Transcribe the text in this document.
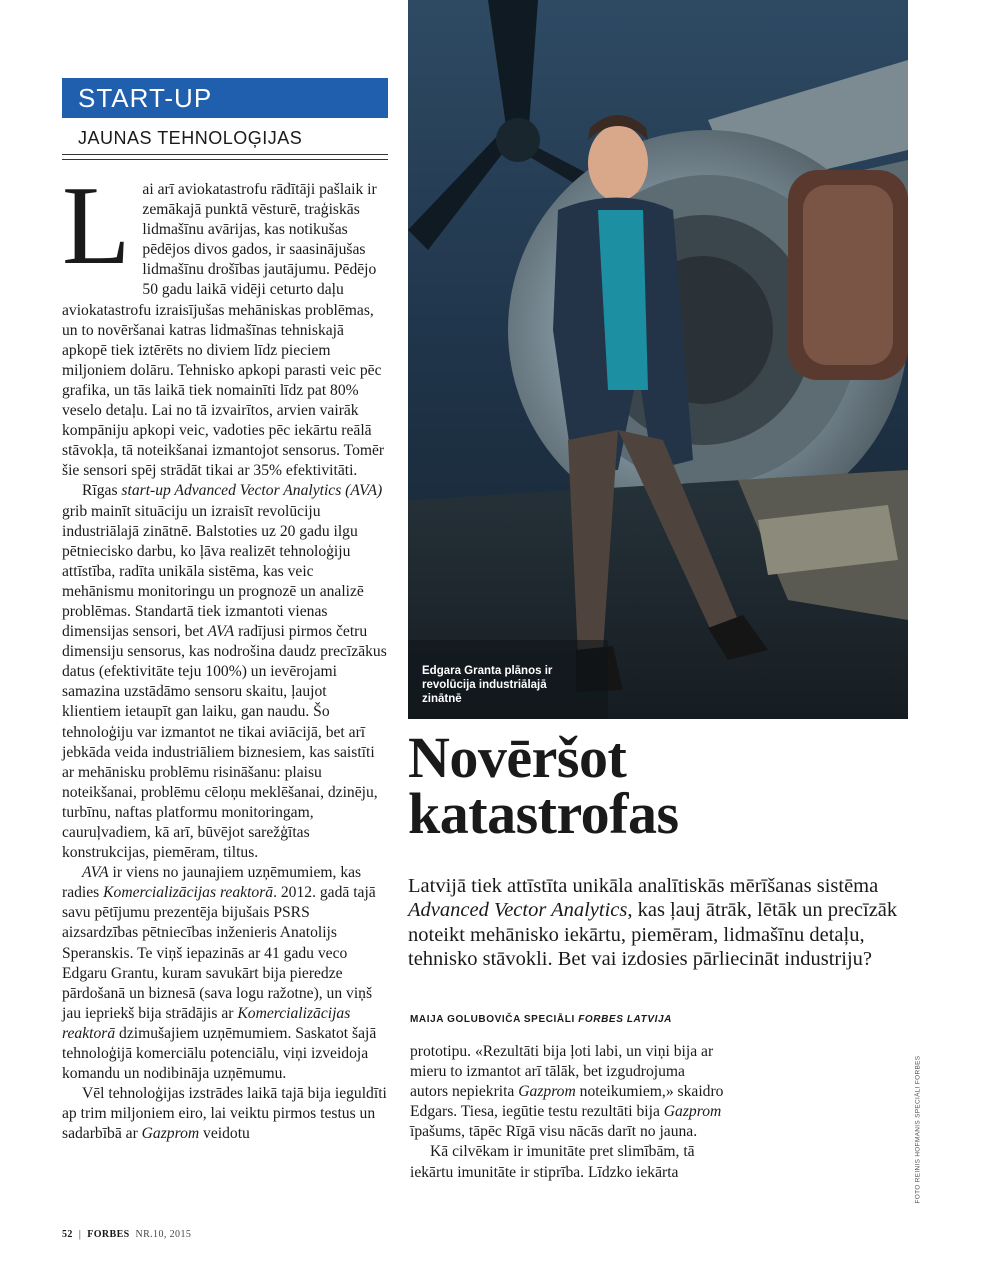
START-UP
JAUNAS TEHNOLOĢIJAS
L ai arī aviokatastrofu rādītāji pašlaik ir zemākajā punktā vēsturē, traģiskās lidmašīnu avārijas, kas notikušas pēdējos divos gados, ir saasinājušas lidmašīnu drošības jautājumu. Pēdējo 50 gadu laikā vidēji ceturto daļu aviokatastrofu izraisījušas mehāniskas problēmas, un to novēršanai katras lidmašīnas tehniskajā apkopē tiek iztērēts no diviem līdz pieciem miljoniem dolāru. Tehnisko apkopi parasti veic pēc grafika, un tās laikā tiek nomainīti līdz pat 80% veselo detaļu. Lai no tā izvairītos, arvien vairāk kompāniju apkopi veic, vadoties pēc iekārtu reālā stāvokļa, tā noteikšanai izmantojot sensorus. Tomēr šie sensori spēj strādāt tikai ar 35% efektivitāti.

Rīgas start-up Advanced Vector Analytics (AVA) grib mainīt situāciju un izraisīt revolūciju industriālajā zinātnē. Balstoties uz 20 gadu ilgu pētniecisko darbu, ko ļāva realizēt tehnoloģiju attīstība, radīta unikāla sistēma, kas veic mehānismu monitoringu un prognozē un analizē problēmas. Standartā tiek izmantoti vienas dimensijas sensori, bet AVA radījusi pirmos četru dimensiju sensorus, kas nodrošina daudz precīzākus datus (efektivitāte teju 100%) un ievērojami samazina uzstādāmo sensoru skaitu, ļaujot klientiem ietaupīt gan laiku, gan naudu. Šo tehnoloģiju var izmantot ne tikai aviācijā, bet arī jebkāda veida industriāliem biznesiem, kas saistīti ar mehānisku problēmu risināšanu: plaisu noteikšanai, problēmu cēloņu meklēšanai, dzinēju, turbīnu, naftas platformu monitoringam, cauruļvadiem, kā arī, būvējot sarežģītas konstrukcijas, piemēram, tiltus.

AVA ir viens no jaunajiem uzņēmumiem, kas radies Komercializācijas reaktorā. 2012. gadā tajā savu pētījumu prezentēja bijušais PSRS aizsardzības pētniecības inženieris Anatolijs Speranskis. Te viņš iepazinās ar 41 gadu veco Edgaru Grantu, kuram savukārt bija pieredze pārdošanā un biznesā (sava logu ražotne), un viņš jau iepriekš bija strādājis ar Komercializācijas reaktorā dzimušajiem uzņēmumiem. Saskatot šajā tehnoloģijā komerciālu potenciālu, viņi izveidoja komandu un nodibināja uzņēmumu.

Vēl tehnoloģijas izstrādes laikā tajā bija ieguldīti ap trim miljoniem eiro, lai veiktu pirmos testus un sadarbībā ar Gazprom veidotu

Edgara Granta plānos ir revolūcija industriālajā zinātnē
Novēršot
katastrofas
Latvijā tiek attīstīta unikāla analītiskās mērīšanas sistēma Advanced Vector Analytics, kas ļauj ātrāk, lētāk un precīzāk noteikt mehānisko iekārtu, piemēram, lidmašīnu detaļu, tehnisko stāvokli. Bet vai izdosies pārliecināt industriju?
MAIJA GOLUBOVIČA SPECIĀLI FORBES LATVIJA

prototipu. «Rezultāti bija ļoti labi, un viņi bija ar mieru to izmantot arī tālāk, bet izgudrojuma autors nepiekrita Gazprom noteikumiem,» skaidro Edgars. Tiesa, iegūtie testu rezultāti bija Gazprom īpašums, tāpēc Rīgā visu nācās darīt no jauna.

Kā cilvēkam ir imunitāte pret slimībām, tā iekārtu imunitāte ir stiprība. Līdzko iekārta	FOTO REINIS HOFMANIS SPECIĀLI FORBES
52 | FORBES NR.10, 2015
